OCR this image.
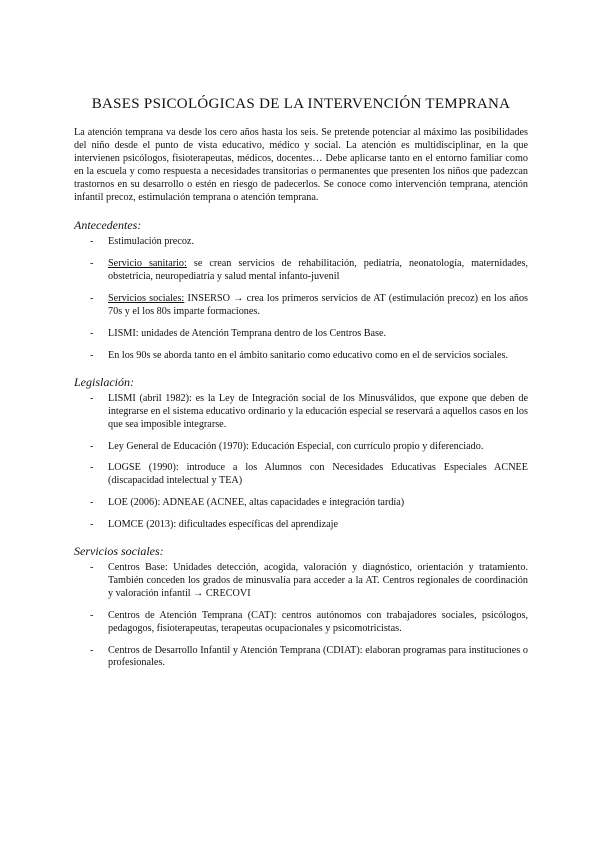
BASES PSICOLÓGICAS DE LA INTERVENCIÓN TEMPRANA

La atención temprana va desde los cero años hasta los seis. Se pretende potenciar al máximo las posibilidades del niño desde el punto de vista educativo, médico y social. La atención es multidisciplinar, en la que intervienen psicólogos, fisioterapeutas, médicos, docentes… Debe aplicarse tanto en el entorno familiar como en la escuela y como respuesta a necesidades transitorias o permanentes que presenten los niños que padezcan trastornos en su desarrollo o estén en riesgo de padecerlos. Se conoce como intervención temprana, atención infantil precoz, estimulación temprana o atención temprana.

Antecedentes:
- Estimulación precoz.
- Servicio sanitario: se crean servicios de rehabilitación, pediatría, neonatología, maternidades, obstetricia, neuropediatría y salud mental infanto-juvenil
- Servicios sociales: INSERSO → crea los primeros servicios de AT (estimulación precoz) en los años 70s y el los 80s imparte formaciones.
- LISMI: unidades de Atención Temprana dentro de los Centros Base.
- En los 90s se aborda tanto en el ámbito sanitario como educativo como en el de servicios sociales.
Legislación:
- LISMI (abril 1982): es la Ley de Integración social de los Minusválidos, que expone que deben de integrarse en el sistema educativo ordinario y la educación especial se reservará a aquellos casos en los que sea imposible integrarse.
- Ley General de Educación (1970): Educación Especial, con currículo propio y diferenciado.
- LOGSE (1990): introduce a los Alumnos con Necesidades Educativas Especiales ACNEE (discapacidad intelectual y TEA)
- LOE (2006): ADNEAE (ACNEE, altas capacidades e integración tardía)
- LOMCE (2013): dificultades específicas del aprendizaje
Servicios sociales:
- Centros Base: Unidades detección, acogida, valoración y diagnóstico, orientación y tratamiento. También conceden los grados de minusvalía para acceder a la AT. Centros regionales de coordinación y valoración infantil → CRECOVI
- Centros de Atención Temprana (CAT): centros autónomos con trabajadores sociales, psicólogos, pedagogos, fisioterapeutas, terapeutas ocupacionales y psicomotricistas.
- Centros de Desarrollo Infantil y Atención Temprana (CDIAT): elaboran programas para instituciones o profesionales.
